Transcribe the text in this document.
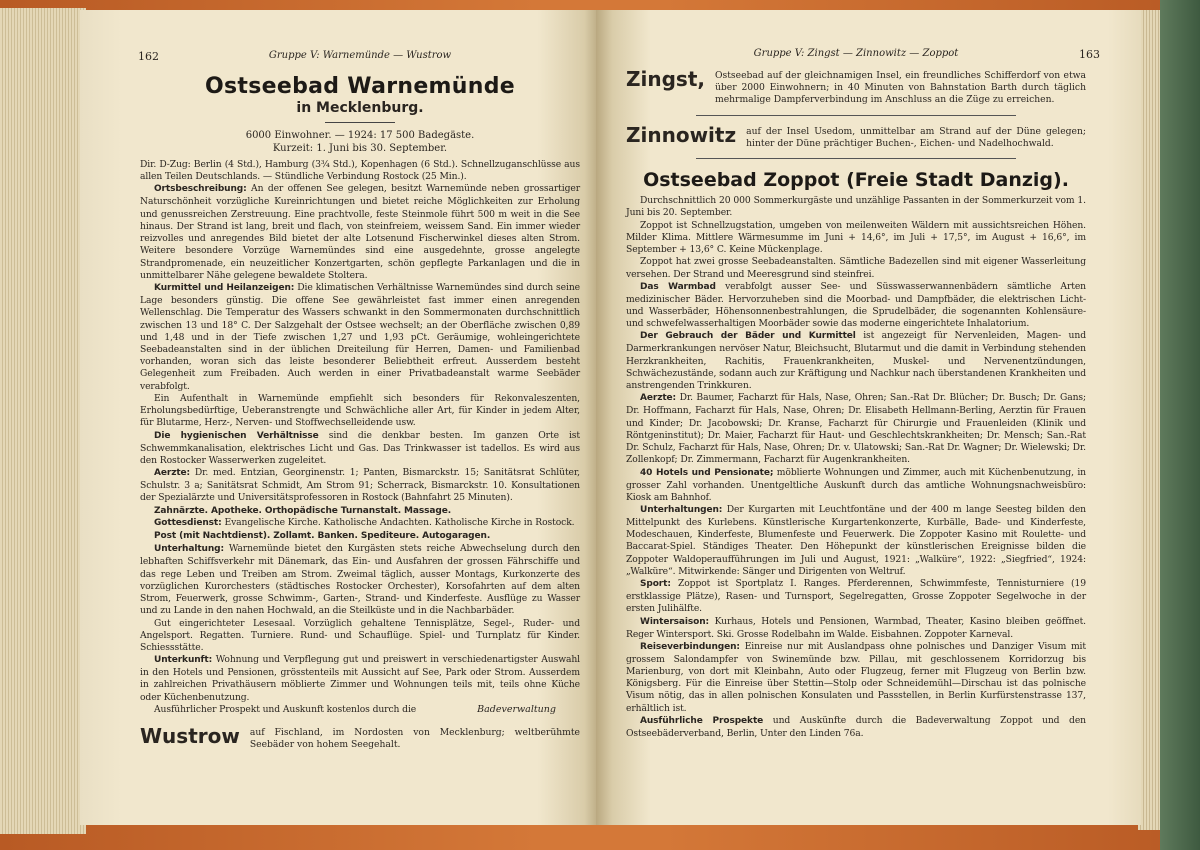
162	Gruppe V: Warnemünde — Wustrow
Ostseebad Warnemünde
in Mecklenburg.
6000 Einwohner. — 1924: 17 500 Badegäste.
Kurzeit: 1. Juni bis 30. September.

Dir. D-Zug: Berlin (4 Std.), Hamburg (3¾ Std.), Kopenhagen (6 Std.). Schnellzuganschlüsse aus allen Teilen Deutschlands. — Stündliche Verbindung Rostock (25 Min.).

Ortsbeschreibung: An der offenen See gelegen, besitzt Warnemünde neben grossartiger Naturschönheit vorzügliche Kureinrichtungen und bietet reiche Möglichkeiten zur Erholung und genussreichen Zerstreuung. Eine prachtvolle, feste Steinmole führt 500 m weit in die See hinaus. Der Strand ist lang, breit und flach, von steinfreiem, weissem Sand. Ein immer wieder reizvolles und anregendes Bild bietet der alte Lotsenund Fischerwinkel dieses alten Strom. Weitere besondere Vorzüge Warnemündes sind eine ausgedehnte, grosse angelegte Strandpromenade, ein neuzeitlicher Konzertgarten, schön gepflegte Parkanlagen und die in unmittelbarer Nähe gelegene bewaldete Stoltera.

Kurmittel und Heilanzeigen: Die klimatischen Verhältnisse Warnemündes sind durch seine Lage besonders günstig. Die offene See gewährleistet fast immer einen anregenden Wellenschlag. Die Temperatur des Wassers schwankt in den Sommermonaten durchschnittlich zwischen 13 und 18° C. Der Salzgehalt der Ostsee wechselt; an der Oberfläche zwischen 0,89 und 1,48 und in der Tiefe zwischen 1,27 und 1,93 pCt. Geräumige, wohleingerichtete Seebadeanstalten sind in der üblichen Dreiteilung für Herren, Damen- und Familienbad vorhanden, woran sich das leiste besonderer Beliebtheit erfreut. Ausserdem besteht Gelegenheit zum Freibaden. Auch werden in einer Privatbadeanstalt warme Seebäder verabfolgt.

Ein Aufenthalt in Warnemünde empfiehlt sich besonders für Rekonvaleszenten, Erholungsbedürftige, Ueberanstrengte und Schwächliche aller Art, für Kinder in jedem Alter, für Blutarme, Herz-, Nerven- und Stoffwechselleidende usw.

Die hygienischen Verhältnisse sind die denkbar besten. Im ganzen Orte ist Schwemmkanalisation, elektrisches Licht und Gas. Das Trinkwasser ist tadellos. Es wird aus den Rostocker Wasserwerken zugeleitet.

Aerzte: Dr. med. Entzian, Georginenstr. 1; Panten, Bismarckstr. 15; Sanitätsrat Schlüter, Schulstr. 3 a; Sanitätsrat Schmidt, Am Strom 91; Scherrack, Bismarckstr. 10. Konsultationen der Spezialärzte und Universitätsprofessoren in Rostock (Bahnfahrt 25 Minuten).

Zahnärzte. Apotheke. Orthopädische Turnanstalt. Massage.

Gottesdienst: Evangelische Kirche. Katholische Andachten. Katholische Kirche in Rostock.

Post (mit Nachtdienst). Zollamt. Banken. Spediteure. Autogaragen.

Unterhaltung: Warnemünde bietet den Kurgästen stets reiche Abwechselung durch den lebhaften Schiffsverkehr mit Dänemark, das Ein- und Ausfahren der grossen Fährschiffe und das rege Leben und Treiben am Strom. Zweimal täglich, ausser Montags, Kurkonzerte des vorzüglichen Kurorchesters (städtisches Rostocker Orchester), Korsofahrten auf dem alten Strom, Feuerwerk, grosse Schwimm-, Garten-, Strand- und Kinderfeste. Ausflüge zu Wasser und zu Lande in den nahen Hochwald, an die Steilküste und in die Nachbarbäder.

Gut eingerichteter Lesesaal. Vorzüglich gehaltene Tennisplätze, Segel-, Ruder- und Angelsport. Regatten. Turniere. Rund- und Schauflüge. Spiel- und Turnplatz für Kinder. Schiessstätte.

Unterkunft: Wohnung und Verpflegung gut und preiswert in verschiedenartigster Auswahl in den Hotels und Pensionen, grösstenteils mit Aussicht auf See, Park oder Strom. Ausserdem in zahlreichen Privathäusern möblierte Zimmer und Wohnungen teils mit, teils ohne Küche oder Küchenbenutzung.

Ausführlicher Prospekt und Auskunft kostenlos durch die	Badeverwaltung
Wustrow auf Fischland, im Nordosten von Mecklenburg; weltberühmte Seebäder von hohem Seegehalt.
Gruppe V: Zingst — Zinnowitz — Zoppot	163
Zingst, Ostseebad auf der gleichnamigen Insel, ein freundliches Schifferdorf von etwa über 2000 Einwohnern; in 40 Minuten von Bahnstation Barth durch täglich mehrmalige Dampferverbindung im Anschluss an die Züge zu erreichen.
Zinnowitz auf der Insel Usedom, unmittelbar am Strand auf der Düne gelegen; hinter der Düne prächtiger Buchen-, Eichen- und Nadelhochwald.
Ostseebad Zoppot (Freie Stadt Danzig).

Durchschnittlich 20 000 Sommerkurgäste und unzählige Passanten in der Sommerkurzeit vom 1. Juni bis 20. September.

Zoppot ist Schnellzugstation, umgeben von meilenweiten Wäldern mit aussichtsreichen Höhen. Milder Klima. Mittlere Wärmesumme im Juni + 14,6°, im Juli + 17,5°, im August + 16,6°, im September + 13,6° C. Keine Mückenplage.

Zoppot hat zwei grosse Seebadeanstalten. Sämtliche Badezellen sind mit eigener Wasserleitung versehen. Der Strand und Meeresgrund sind steinfrei.

Das Warmbad verabfolgt ausser See- und Süsswasserwannenbädern sämtliche Arten medizinischer Bäder. Hervorzuheben sind die Moorbad- und Dampfbäder, die elektrischen Licht- und Wasserbäder, Höhensonnenbestrahlungen, die Sprudelbäder, die sogenannten Kohlensäure- und schwefelwasserhaltigen Moorbäder sowie das moderne eingerichtete Inhalatorium.

Der Gebrauch der Bäder und Kurmittel ist angezeigt für Nervenleiden, Magen- und Darmerkrankungen nervöser Natur, Bleichsucht, Blutarmut und die damit in Verbindung stehenden Herzkrankheiten, Rachitis, Frauenkrankheiten, Muskel- und Nervenentzündungen, Schwächezustände, sodann auch zur Kräftigung und Nachkur nach überstandenen Krankheiten und anstrengenden Trinkkuren.

Aerzte: Dr. Baumer, Facharzt für Hals, Nase, Ohren; San.-Rat Dr. Blücher; Dr. Busch; Dr. Gans; Dr. Hoffmann, Facharzt für Hals, Nase, Ohren; Dr. Elisabeth Hellmann-Berling, Aerztin für Frauen und Kinder; Dr. Jacobowski; Dr. Kranse, Facharzt für Chirurgie und Frauenleiden (Klinik und Röntgeninstitut); Dr. Maier, Facharzt für Haut- und Geschlechtskrankheiten; Dr. Mensch; San.-Rat Dr. Schulz, Facharzt für Hals, Nase, Ohren; Dr. v. Ulatowski; San.-Rat Dr. Wagner; Dr. Wielewski; Dr. Zollenkopf; Dr. Zimmermann, Facharzt für Augenkrankheiten.

40 Hotels und Pensionate; möblierte Wohnungen und Zimmer, auch mit Küchenbenutzung, in grosser Zahl vorhanden. Unentgeltliche Auskunft durch das amtliche Wohnungsnachweisbüro: Kiosk am Bahnhof.

Unterhaltungen: Der Kurgarten mit Leuchtfontäne und der 400 m lange Seesteg bilden den Mittelpunkt des Kurlebens. Künstlerische Kurgartenkonzerte, Kurbälle, Bade- und Kinderfeste, Modeschauen, Kinderfeste, Blumenfeste und Feuerwerk. Die Zoppoter Kasino mit Roulette- und Baccarat-Spiel. Ständiges Theater. Den Höhepunkt der künstlerischen Ereignisse bilden die Zoppoter Waldoperaufführungen im Juli und August, 1921: „Walküre“, 1922: „Siegfried“, 1924: „Walküre“. Mitwirkende: Sänger und Dirigenten von Weltruf.

Sport: Zoppot ist Sportplatz I. Ranges. Pferderennen, Schwimmfeste, Tennisturniere (19 erstklassige Plätze), Rasen- und Turnsport, Segelregatten, Grosse Zoppoter Segelwoche in der ersten Julihälfte.

Wintersaison: Kurhaus, Hotels und Pensionen, Warmbad, Theater, Kasino bleiben geöffnet. Reger Wintersport. Ski. Grosse Rodelbahn im Walde. Eisbahnen. Zoppoter Karneval.

Reiseverbindungen: Einreise nur mit Auslandpass ohne polnisches und Danziger Visum mit grossem Salondampfer von Swinemünde bzw. Pillau, mit geschlossenem Korridorzug bis Marienburg, von dort mit Kleinbahn, Auto oder Flugzeug, ferner mit Flugzeug von Berlin bzw. Königsberg. Für die Einreise über Stettin—Stolp oder Schneidemühl—Dirschau ist das polnische Visum nötig, das in allen polnischen Konsulaten und Passstellen, in Berlin Kurfürstenstrasse 137, erhältlich ist.

Ausführliche Prospekte und Auskünfte durch die Badeverwaltung Zoppot und den Ostseebäderverband, Berlin, Unter den Linden 76a.
